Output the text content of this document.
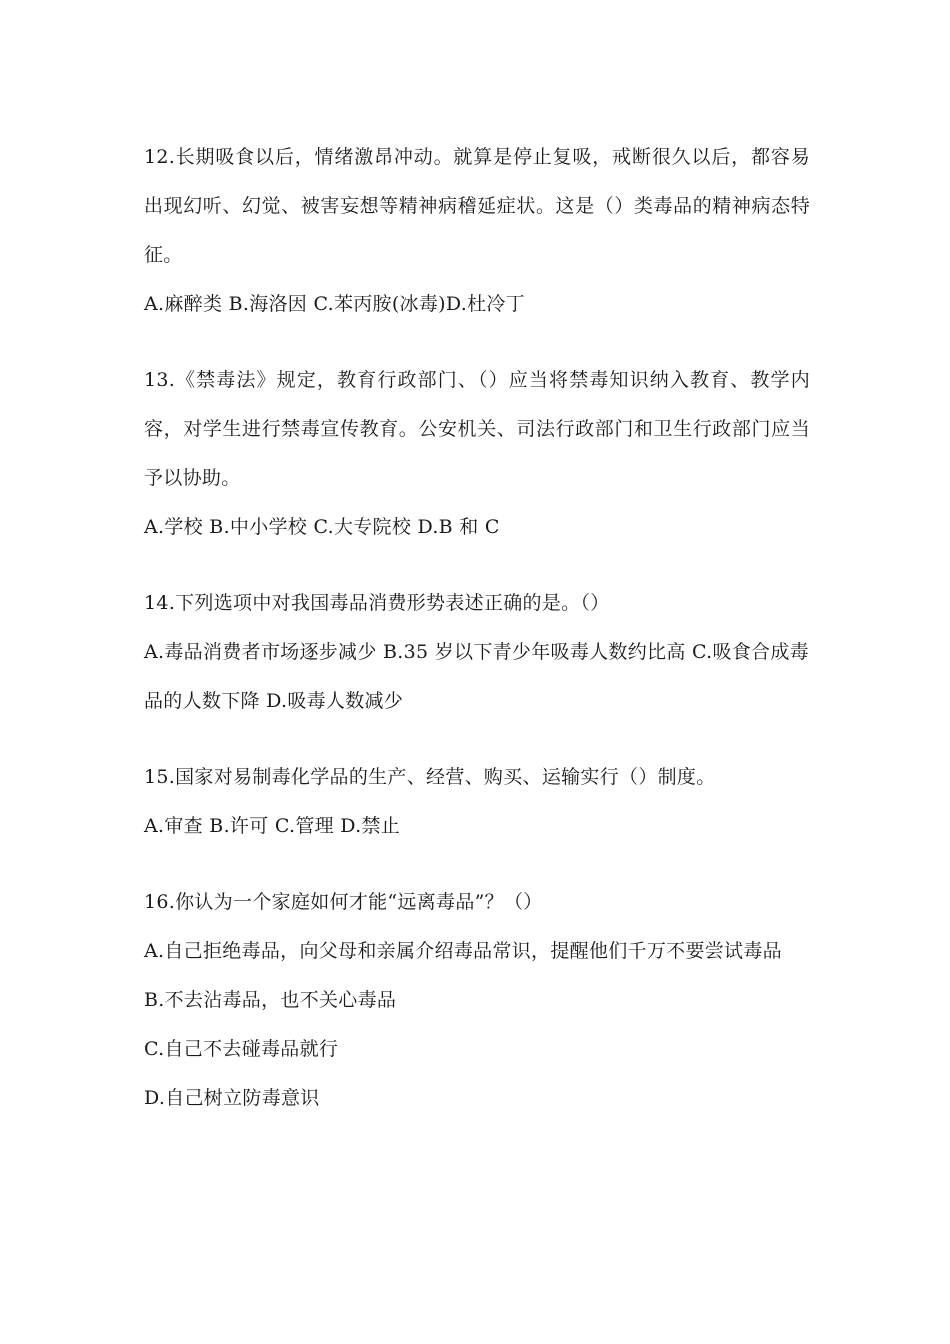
12.长期吸食以后，情绪激昂冲动。就算是停止复吸，戒断很久以后，都容易出现幻听、幻觉、被害妄想等精神病稽延症状。这是（）类毒品的精神病态特征。

A.麻醉类 B.海洛因 C.苯丙胺(冰毒)D.杜冷丁

13.《禁毒法》规定，教育行政部门、（）应当将禁毒知识纳入教育、教学内容，对学生进行禁毒宣传教育。公安机关、司法行政部门和卫生行政部门应当予以协助。

A.学校 B.中小学校 C.大专院校 D.B 和 C

14.下列选项中对我国毒品消费形势表述正确的是。（）

A.毒品消费者市场逐步减少 B.35 岁以下青少年吸毒人数约比高 C.吸食合成毒品的人数下降 D.吸毒人数减少

15.国家对易制毒化学品的生产、经营、购买、运输实行（）制度。

A.审查 B.许可 C.管理 D.禁止

16.你认为一个家庭如何才能“远离毒品”？（）

A.自己拒绝毒品，向父母和亲属介绍毒品常识，提醒他们千万不要尝试毒品

B.不去沾毒品，也不关心毒品

C.自己不去碰毒品就行

D.自己树立防毒意识
